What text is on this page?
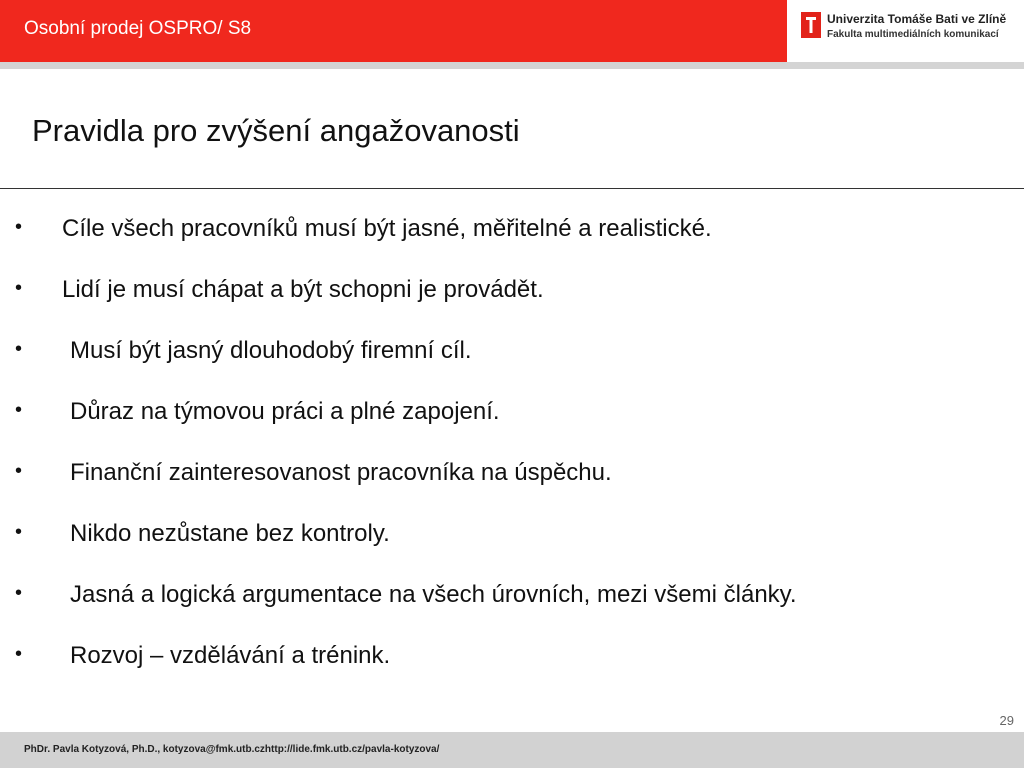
Osobní prodej OSPRO/ S8	Univerzita Tomáše Bati ve Zlíně
Fakulta multimediálních komunikací
Pravidla pro zvýšení angažovanosti
• Cíle všech pracovníků musí být jasné, měřitelné a realistické.
• Lidí je musí chápat a být schopni je provádět.
• Musí být jasný dlouhodobý firemní cíl.
• Důraz na týmovou práci a plné zapojení.
• Finanční zainteresovanost pracovníka na úspěchu.
• Nikdo nezůstane bez kontroly.
• Jasná a logická argumentace na všech úrovních, mezi všemi články.
• Rozvoj – vzdělávání a trénink.
29
PhDr. Pavla Kotyzová, Ph.D., kotyzova@fmk.utb.czhttp://lide.fmk.utb.cz/pavla-kotyzova/
